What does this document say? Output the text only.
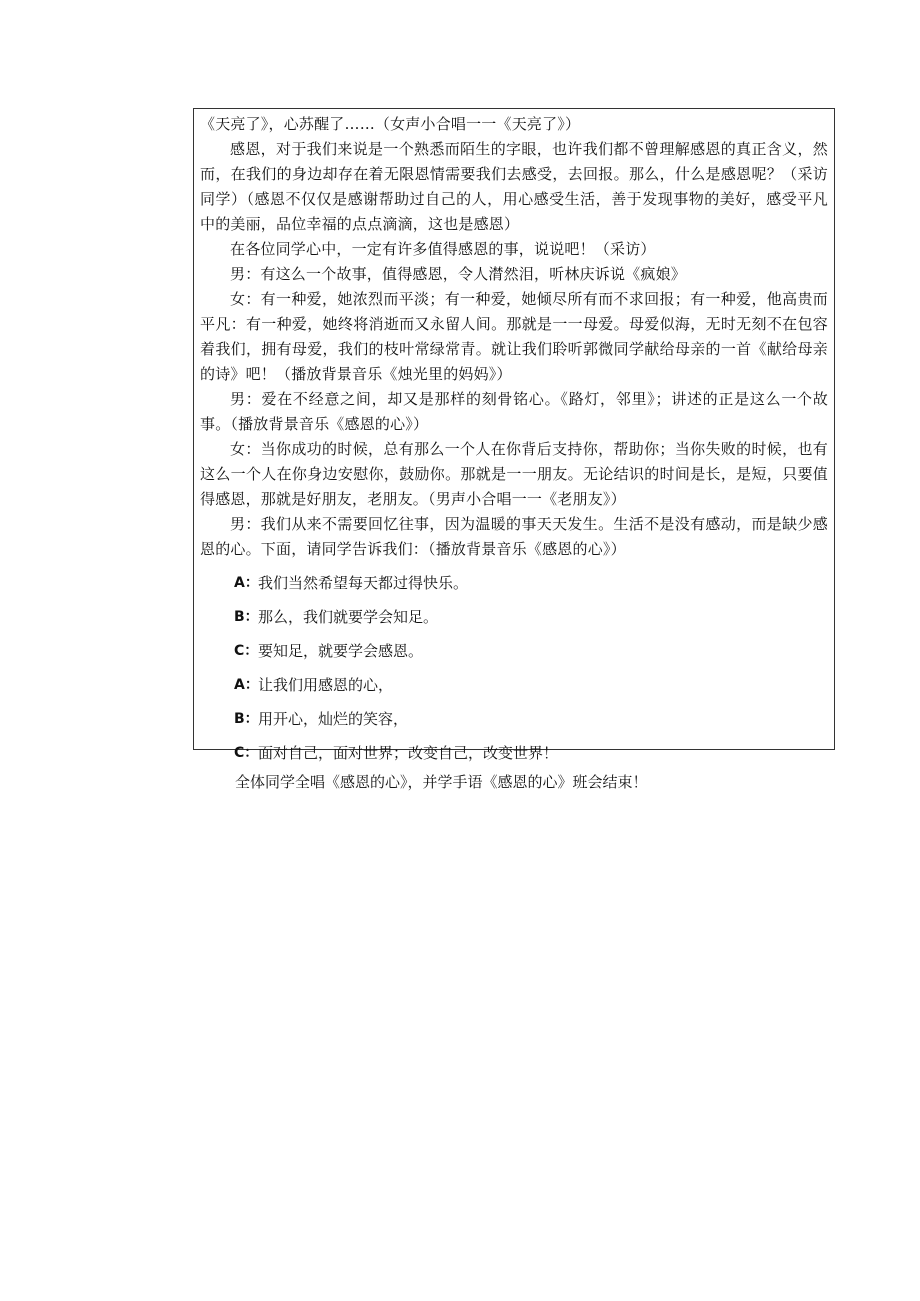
《天亮了》，心苏醒了……（女声小合唱一一《天亮了》）

感恩，对于我们来说是一个熟悉而陌生的字眼，也许我们都不曾理解感恩的真正含义，然而，在我们的身边却存在着无限恩情需要我们去感受，去回报。那么，什么是感恩呢？（采访同学）（感恩不仅仅是感谢帮助过自己的人，用心感受生活，善于发现事物的美好，感受平凡中的美丽，品位幸福的点点滴滴，这也是感恩）

在各位同学心中，一定有许多值得感恩的事，说说吧！（采访）

男：有这么一个故事，值得感恩，令人潸然泪，听林庆诉说《疯娘》

女：有一种爱，她浓烈而平淡；有一种爱，她倾尽所有而不求回报；有一种爱，他高贵而平凡：有一种爱，她终将消逝而又永留人间。那就是一一母爱。母爱似海，无时无刻不在包容着我们，拥有母爱，我们的枝叶常绿常青。就让我们聆听郭微同学献给母亲的一首《献给母亲的诗》吧！（播放背景音乐《烛光里的妈妈》）

男：爱在不经意之间，却又是那样的刻骨铭心。《路灯，邻里》；讲述的正是这么一个故事。（播放背景音乐《感恩的心》）

女：当你成功的时候，总有那么一个人在你背后支持你，帮助你；当你失败的时候，也有这么一个人在你身边安慰你，鼓励你。那就是一一朋友。无论结识的时间是长，是短，只要值得感恩，那就是好朋友，老朋友。（男声小合唱一一《老朋友》）

男：我们从来不需要回忆往事，因为温暖的事天天发生。生活不是没有感动，而是缺少感恩的心。下面，请同学告诉我们：（播放背景音乐《感恩的心》）

A： 我们当然希望每天都过得快乐。
B： 那么，我们就要学会知足。
C： 要知足，就要学会感恩。
A： 让我们用感恩的心，
B： 用开心，灿烂的笑容，
C： 面对自己，面对世界；改变自己，改变世界！

全体同学全唱《感恩的心》，并学手语《感恩的心》班会结束！
